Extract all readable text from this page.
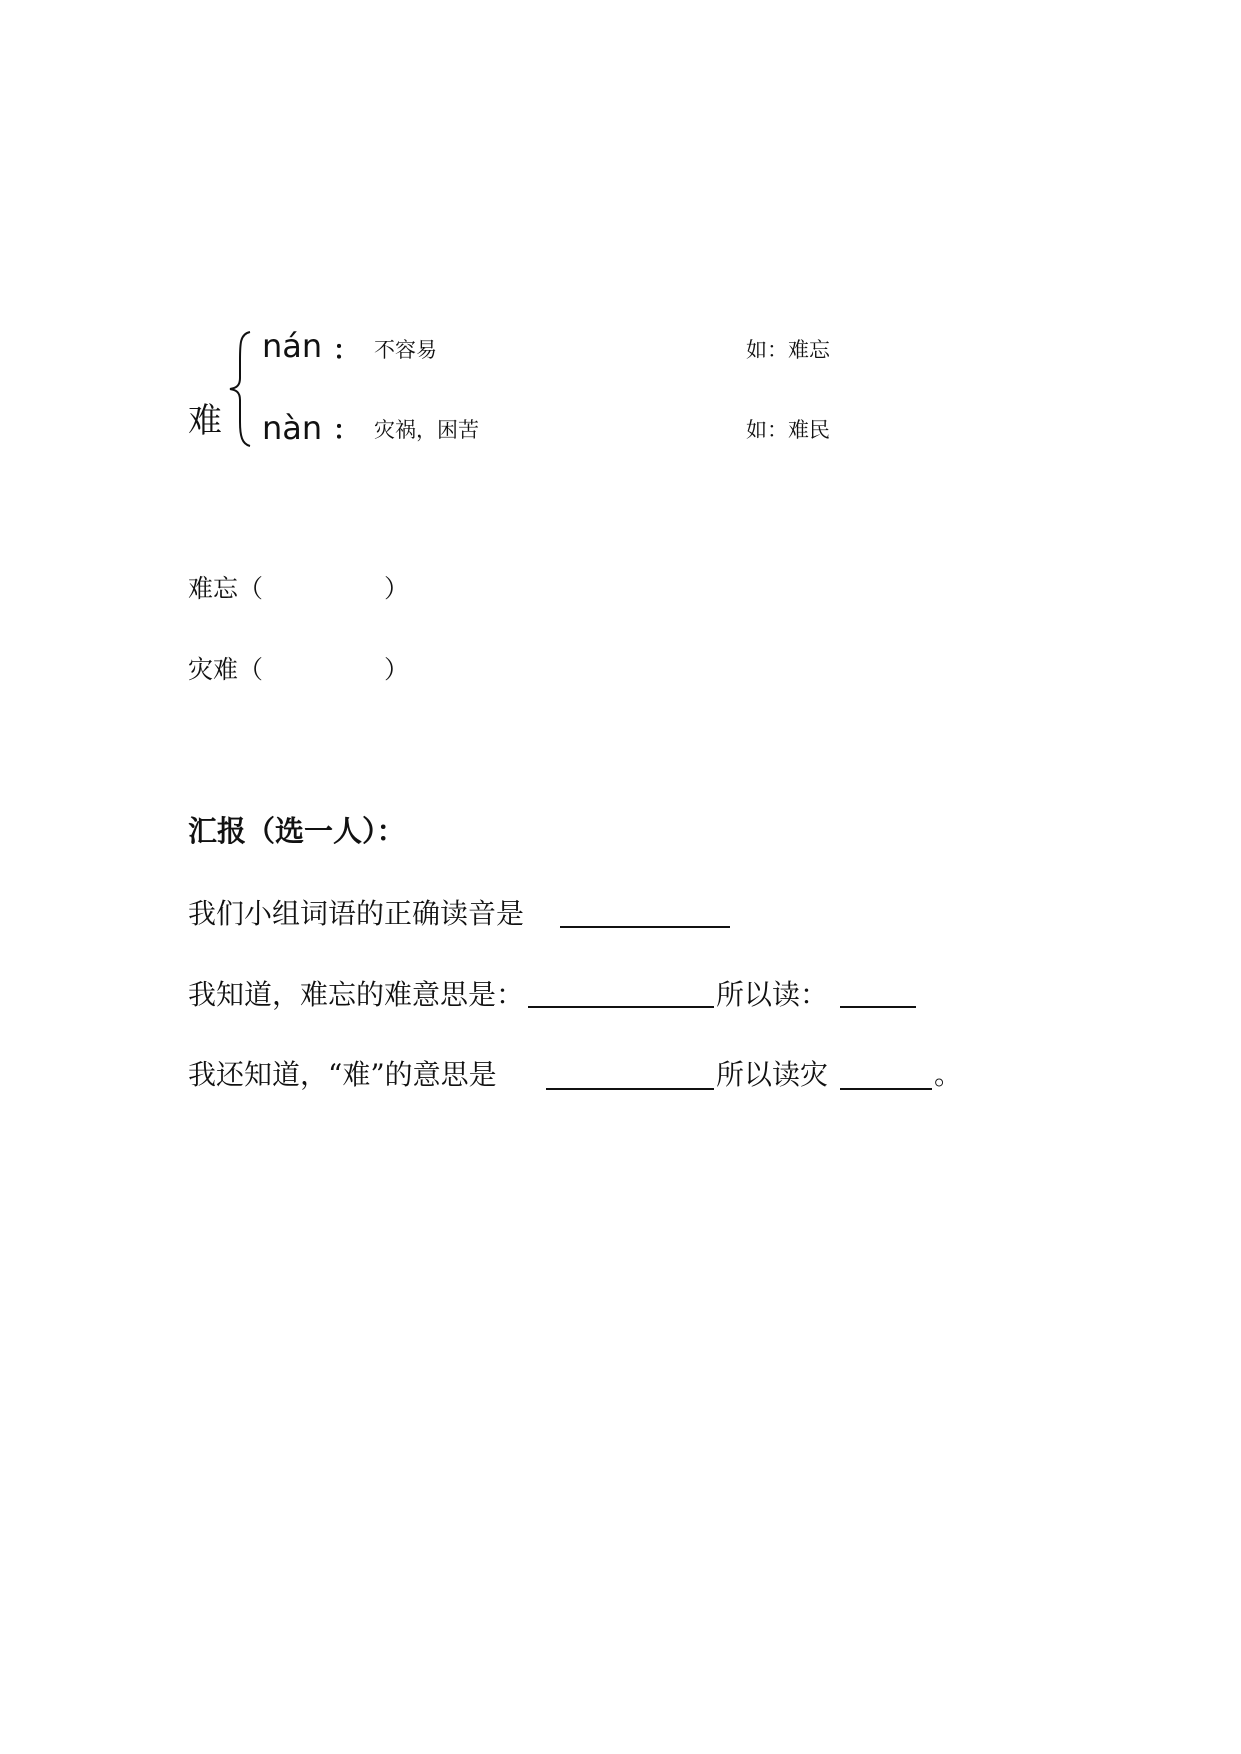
难
nán ： 不容易	如： 难忘
nàn ： 灾祸，困苦	如： 难民
难忘（	）
灾难（	）
汇报（选一人）：
我们小组词语的正确读音是
我知道，难忘的难意思是：	所以读：
我还知道，“难”的意思是	所以读灾	。
